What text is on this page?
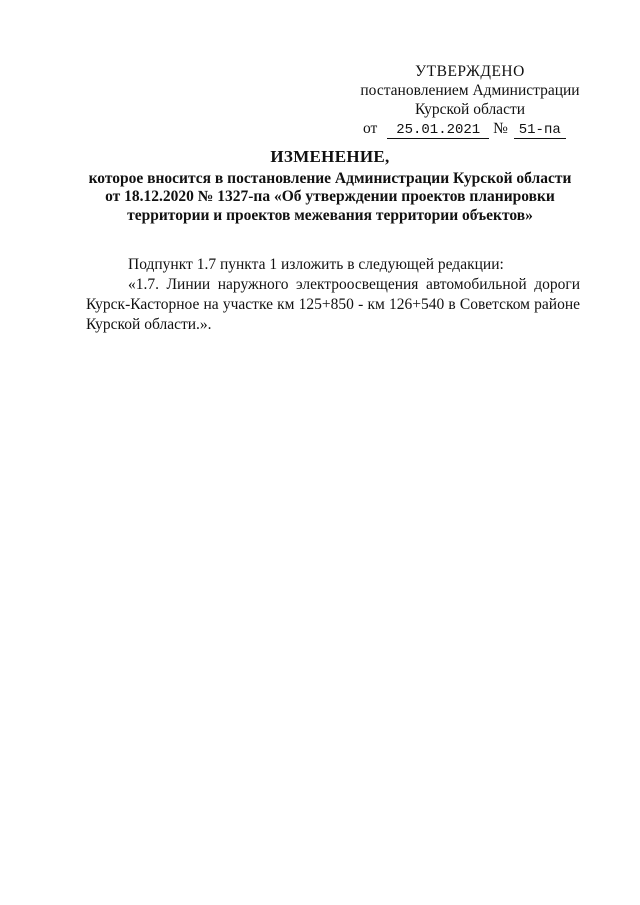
УТВЕРЖДЕНО
постановлением Администрации
Курской области
от 25.01.2021 № 51-па
ИЗМЕНЕНИЕ,
которое вносится в постановление Администрации Курской области
от 18.12.2020 № 1327-па «Об утверждении проектов планировки
территории и проектов межевания территории объектов»

Подпункт 1.7 пункта 1 изложить в следующей редакции:

«1.7. Линии наружного электроосвещения автомобильной дороги Курск-Касторное на участке км 125+850 - км 126+540 в Советском районе Курской области.».
